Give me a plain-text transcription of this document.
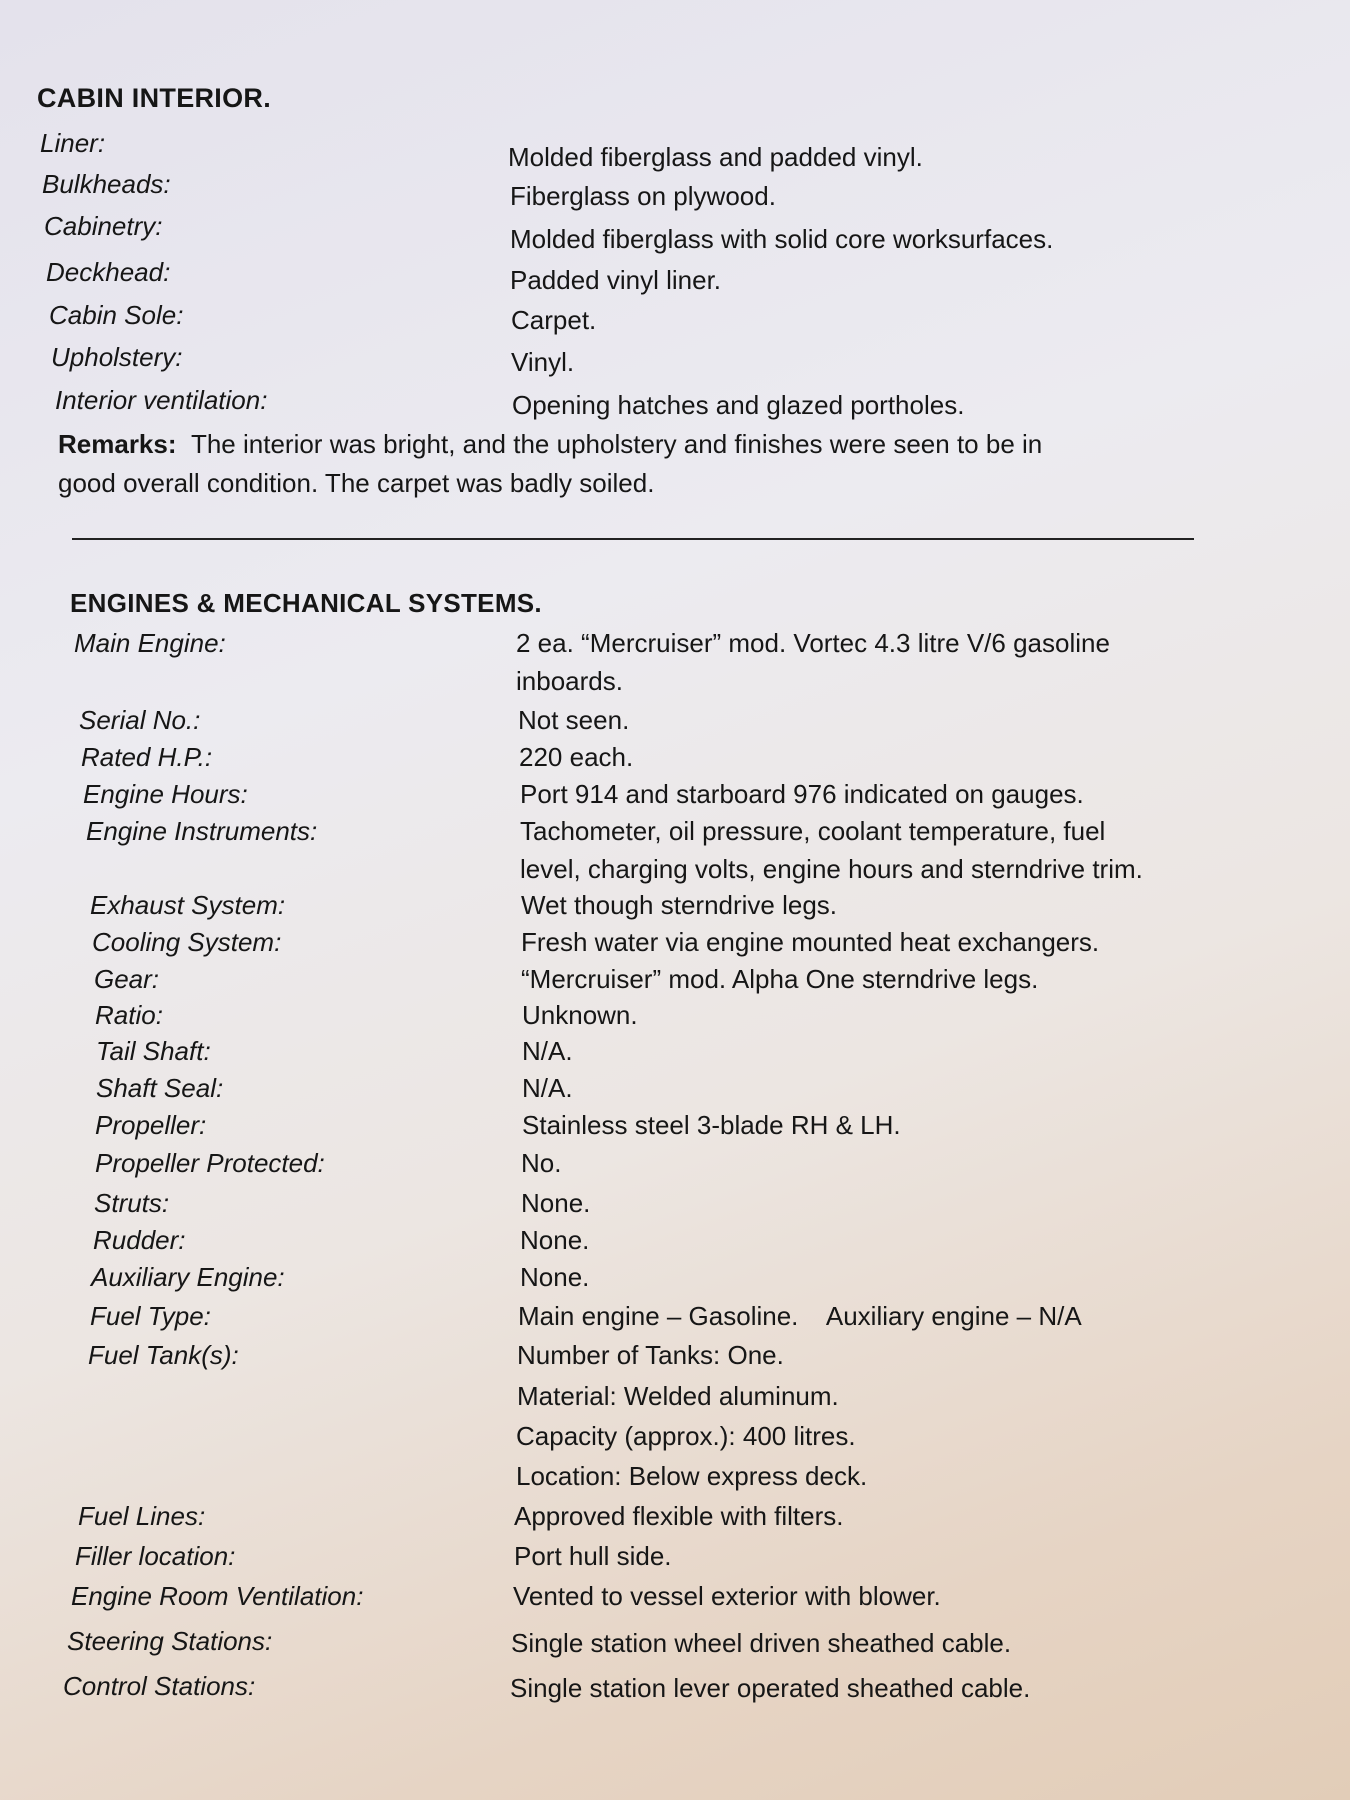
CABIN INTERIOR.
Liner:	Molded fiberglass and padded vinyl.
Bulkheads:	Fiberglass on plywood.
Cabinetry:	Molded fiberglass with solid core worksurfaces.
Deckhead:	Padded vinyl liner.
Cabin Sole:	Carpet.
Upholstery:	Vinyl.
Interior ventilation:	Opening hatches and glazed portholes.
Remarks: The interior was bright, and the upholstery and finishes were seen to be in
good overall condition. The carpet was badly soiled.
ENGINES & MECHANICAL SYSTEMS.
Main Engine:	2 ea. “Mercruiser” mod. Vortec 4.3 litre V/6 gasoline
inboards.
Serial No.:	Not seen.
Rated H.P.:	220 each.
Engine Hours:	Port 914 and starboard 976 indicated on gauges.
Engine Instruments:	Tachometer, oil pressure, coolant temperature, fuel
level, charging volts, engine hours and sterndrive trim.
Exhaust System:	Wet though sterndrive legs.
Cooling System:	Fresh water via engine mounted heat exchangers.
Gear:	“Mercruiser” mod. Alpha One sterndrive legs.
Ratio:	Unknown.
Tail Shaft:	N/A.
Shaft Seal:	N/A.
Propeller:	Stainless steel 3-blade RH & LH.
Propeller Protected:	No.
Struts:	None.
Rudder:	None.
Auxiliary Engine:	None.
Fuel Type:	Main engine – Gasoline.    Auxiliary engine – N/A
Fuel Tank(s):	Number of Tanks: One.
Material: Welded aluminum.
Capacity (approx.): 400 litres.
Location: Below express deck.
Fuel Lines:	Approved flexible with filters.
Filler location:	Port hull side.
Engine Room Ventilation:	Vented to vessel exterior with blower.
Steering Stations:	Single station wheel driven sheathed cable.
Control Stations:	Single station lever operated sheathed cable.
